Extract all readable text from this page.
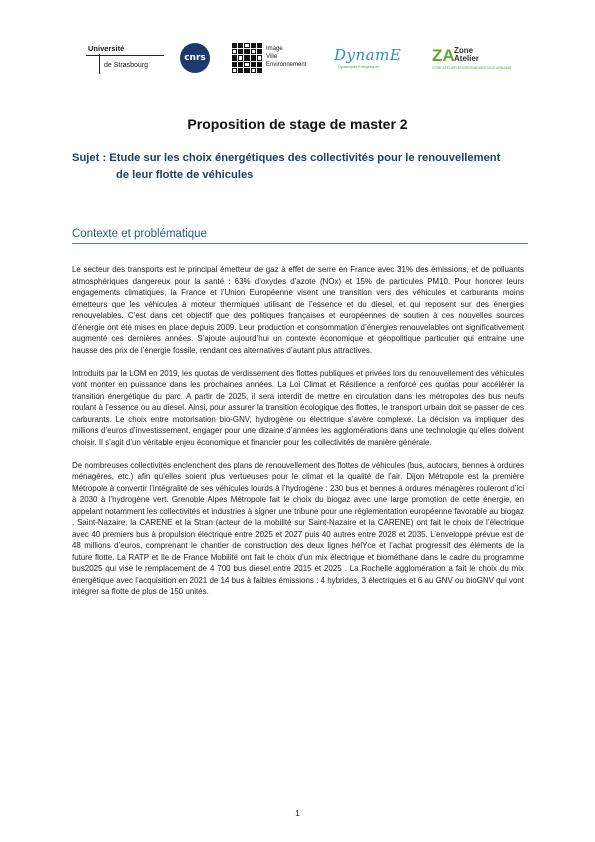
Université
de Strasbourg
cnrs
Image
Ville
Environnement
DynamE
Dynamiques Energétiques
ZA Zone
Atelier
ZONE ATELIER ENVIRONNEMENTALE URBAINE
Proposition de stage de master 2
Sujet : Etude sur les choix énergétiques des collectivités pour le renouvellement
de leur flotte de véhicules
Contexte et problématique

Le secteur des transports est le principal émetteur de gaz à effet de serre en France avec 31% des émissions, et de polluants atmosphériques dangereux pour la santé : 63% d’oxydes d’azote (NOx) et 15% de particules PM10. Pour honorer leurs engagements climatiques, la France et l’Union Européenne visent une transition vers des véhicules et carburants moins émetteurs que les véhicules à moteur thermiques utilisant de l’essence et du diesel, et qui reposent sur des énergies renouvelables. C’est dans cet objectif que des politiques françaises et européennes de soutien à ces nouvelles sources d’énergie ont été mises en place depuis 2009. Leur production et consommation d’énergies renouvelables ont significativement augmenté ces dernières années. S’ajoute aujourd’hui un contexte économique et géopolitique particulier qui entraine une hausse des prix de l’énergie fossile, rendant ces alternatives d’autant plus attractives.

Introduits par la LOM en 2019, les quotas de verdissement des flottes publiques et privées lors du renouvellement des véhicules vont monter en puissance dans les prochaines années. La Loi Climat et Résilience a renforcé ces quotas pour accélérer la transition énergétique du parc. A partir de 2025, il sera interdit de mettre en circulation dans les métropoles des bus neufs roulant à l’essence ou au diesel. Ainsi, pour assurer la transition écologique des flottes, le transport urbain doit se passer de ces carburants. Le choix entre motorisation bio-GNV, hydrogène ou électrique s’avère complexe. La décision va impliquer des millions d’euros d’investissement, engager pour une dizaine d’années les agglomérations dans une technologie qu’elles doivent choisir. Il s’agit d’un véritable enjeu économique et financier pour les collectivités de manière générale.

De nombreuses collectivités enclenchent des plans de renouvellement des flottes de véhicules (bus, autocars, bennes à ordures ménagères, etc.) afin qu’elles soient plus vertueuses pour le climat et la qualité de l’air. Dijon Métropole est la première Métropole à convertir l’intégralité de ses véhicules lourds à l’hydrogène : 230 bus et bennes à ordures ménagères rouleront d’ici à 2030 à l’hydrogène vert. Grenoble Alpes Métropole fait le choix du biogaz avec une large promotion de cette énergie, en appelant notamment les collectivités et industries à signer une tribune pour une réglementation européenne favorable au biogaz . Saint-Nazaire, la CARENE et la Stran (acteur de la mobilité sur Saint-Nazaire et la CARENE) ont fait le choix de l’électrique avec 40 premiers bus à propulsion électrique entre 2025 et 2027 puis 40 autres entre 2028 et 2035. L’enveloppe prévue est de 48 millions d’euros, comprenant le chantier de construction des deux lignes hélYce et l’achat progressif des éléments de la future flotte. La RATP et Ile de France Mobilité ont fait le choix d’un mix électrique et biométhane dans le cadre du programme bus2025 qui vise le remplacement de 4 700 bus diesel entre 2015 et 2025 . La Rochelle agglomération a fait le choix du mix énergétique avec l’acquisition en 2021 de 14 bus à faibles émissions : 4 hybrides, 3 électriques et 6 au GNV ou bioGNV qui vont intégrer sa flotte de plus de 150 unités.

1
